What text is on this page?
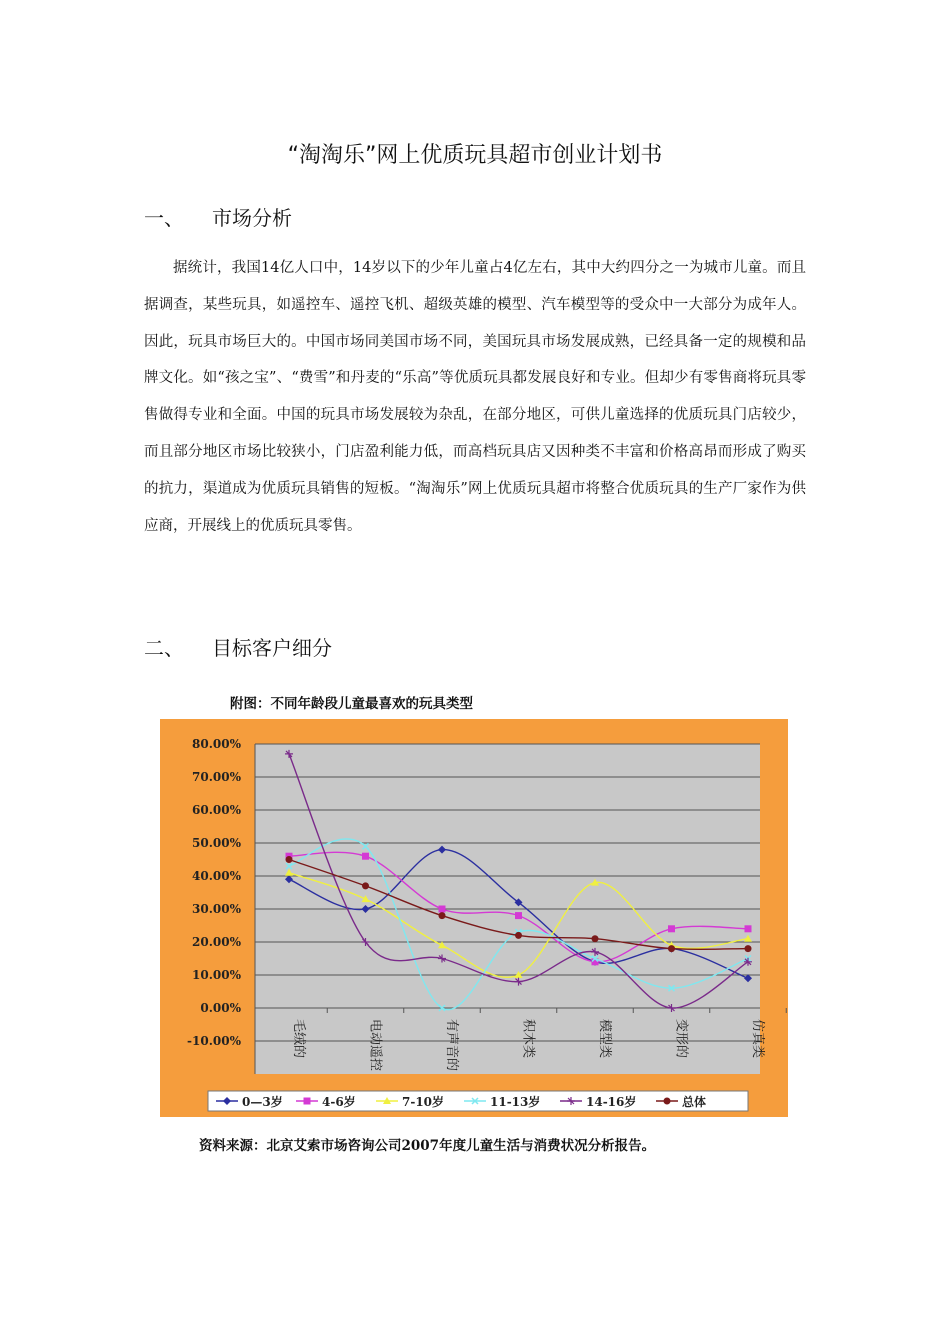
“淘淘乐”网上优质玩具超市创业计划书
一、 市场分析

据统计，我国14亿人口中，14岁以下的少年儿童占4亿左右，其中大约四分之一为城市儿童。而且据调查，某些玩具，如遥控车、遥控飞机、超级英雄的模型、汽车模型等的受众中一大部分为成年人。因此，玩具市场巨大的。中国市场同美国市场不同，美国玩具市场发展成熟，已经具备一定的规模和品牌文化。如“孩之宝”、“费雪”和丹麦的“乐高”等优质玩具都发展良好和专业。但却少有零售商将玩具零售做得专业和全面。中国的玩具市场发展较为杂乱，在部分地区，可供儿童选择的优质玩具门店较少，而且部分地区市场比较狭小，门店盈利能力低，而高档玩具店又因种类不丰富和价格高昂而形成了购买的抗力，渠道成为优质玩具销售的短板。“淘淘乐”网上优质玩具超市将整合优质玩具的生产厂家作为供应商，开展线上的优质玩具零售。

二、 目标客户细分

附图：不同年龄段儿童最喜欢的玩具类型

-10.00%
0.00%
10.00%
20.00%
30.00%
40.00%
50.00%
60.00%
70.00%
80.00%
毛绒的	电动遥控	有声音的	积木类	模型类	变形的	仿真类
0—3岁	4-6岁	7-10岁	11-13岁	14-16岁	总体

资料来源：北京艾索市场咨询公司2007年度儿童生活与消费状况分析报告。
